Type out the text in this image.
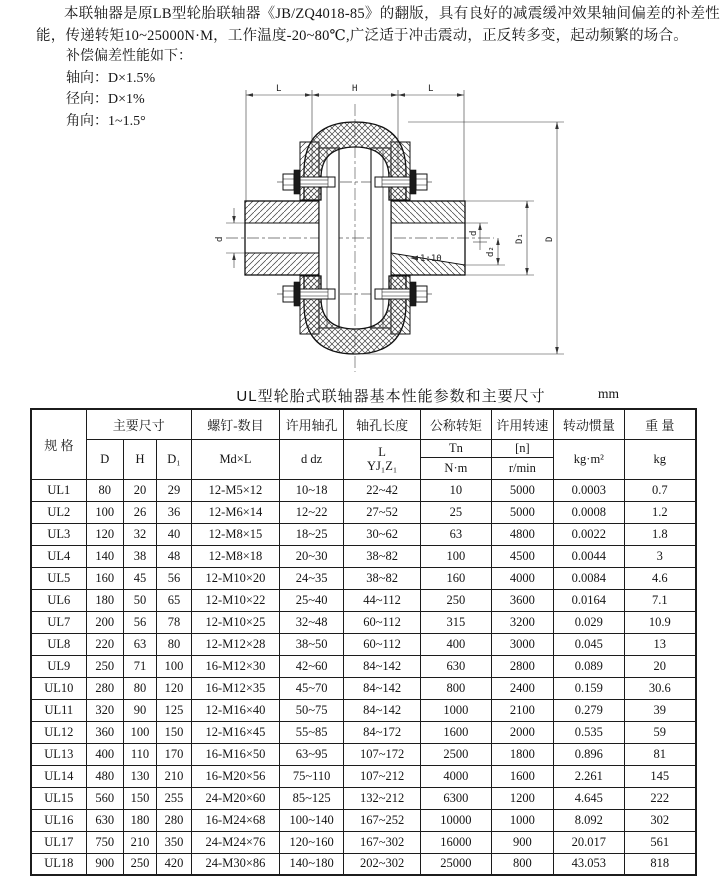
本联轴器是原LB型轮胎联轴器《JB/ZQ4018-85》的翻版，具有良好的减震缓冲效果轴间偏差的补差性能，传递转矩10~25000N·M，工作温度-20~80℃,广泛适于冲击震动，正反转多变，起动频繁的场合。

补偿偏差性能如下：
轴向：D×1.5%
径向：D×1%
角向：1~1.5°
L	H	L
d
1:10
d
d₂
D₁ D
UL型轮胎式联轴器基本性能参数和主要尺寸	mm
规 格	主要尺寸			螺钉-数目	许用轴孔	轴孔长度	公称转矩	许用转速	转动惯量	重 量
	D	H	D₁	Md×L	d dz	L
YJ₁Z₁	Tn	[n]	kg·m²	kg
							N·m	r/min		
UL1	80	20	29	12-M5×12	10~18	22~42	10	5000	0.0003	0.7
UL2	100	26	36	12-M6×14	12~22	27~52	25	5000	0.0008	1.2
UL3	120	32	40	12-M8×15	18~25	30~62	63	4800	0.0022	1.8
UL4	140	38	48	12-M8×18	20~30	38~82	100	4500	0.0044	3
UL5	160	45	56	12-M10×20	24~35	38~82	160	4000	0.0084	4.6
UL6	180	50	65	12-M10×22	25~40	44~112	250	3600	0.0164	7.1
UL7	200	56	78	12-M10×25	32~48	60~112	315	3200	0.029	10.9
UL8	220	63	80	12-M12×28	38~50	60~112	400	3000	0.045	13
UL9	250	71	100	16-M12×30	42~60	84~142	630	2800	0.089	20
UL10	280	80	120	16-M12×35	45~70	84~142	800	2400	0.159	30.6
UL11	320	90	125	12-M16×40	50~75	84~142	1000	2100	0.279	39
UL12	360	100	150	12-M16×45	55~85	84~172	1600	2000	0.535	59
UL13	400	110	170	16-M16×50	63~95	107~172	2500	1800	0.896	81
UL14	480	130	210	16-M20×56	75~110	107~212	4000	1600	2.261	145
UL15	560	150	255	24-M20×60	85~125	132~212	6300	1200	4.645	222
UL16	630	180	280	16-M24×68	100~140	167~252	10000	1000	8.092	302
UL17	750	210	350	24-M24×76	120~160	167~302	16000	900	20.017	561
UL18	900	250	420	24-M30×86	140~180	202~302	25000	800	43.053	818
